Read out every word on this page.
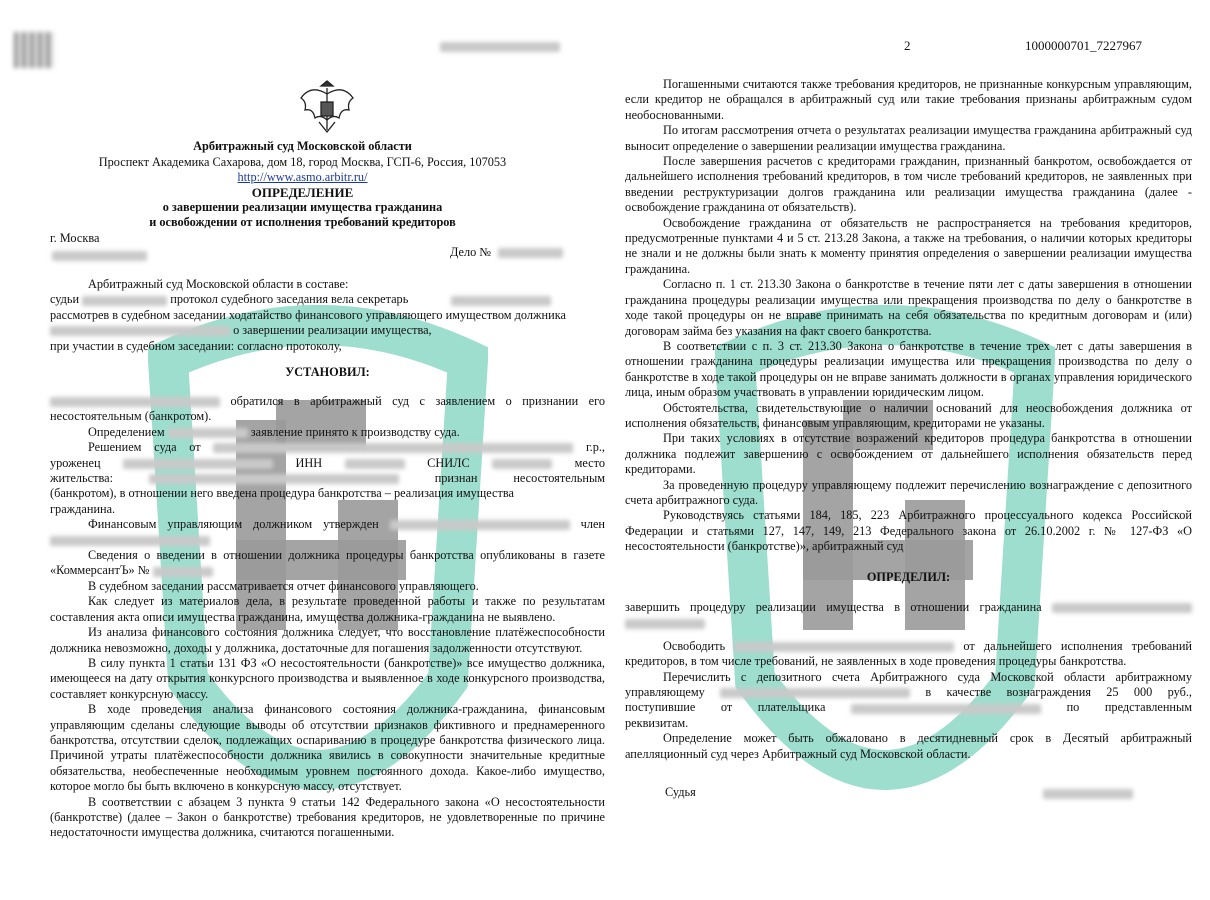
Арбитражный суд Московской области
Проспект Академика Сахарова, дом 18, город Москва, ГСП-6, Россия, 107053
http://www.asmo.arbitr.ru/
ОПРЕДЕЛЕНИЕ
о завершении реализации имущества гражданина
и освобождении от исполнения требований кредиторов
г. Москва
Дело №
Арбитражный суд Московской области в составе:
судьи	протокол судебного заседания вела секретарь
рассмотрев в судебном заседании ходатайство финансового управляющего имуществом должника
о завершении реализации имущества,
при участии в судебном заседании: согласно протоколу,
УСТАНОВИЛ:
обратился в арбитражный суд с заявлением о признании его
несостоятельным (банкротом).
Определением	заявление принято к производству суда.
Решением суда от	г.р.,
уроженец	ИНН	СНИЛС	место
жительства:	признан несостоятельным
(банкротом), в отношении него введена процедура банкротства – реализация имущества
гражданина.
Финансовым управляющим должником утвержден	член
Сведения о введении в отношении должника процедуры банкротства опубликованы в газете «КоммерсантЪ» №
В судебном заседании рассматривается отчет финансового управляющего.
Как следует из материалов дела, в результате проведенной работы и также по результатам составления акта описи имущества гражданина, имущества должника-гражданина не выявлено.
Из анализа финансового состояния должника следует, что восстановление платёжеспособности должника невозможно, доходы у должника, достаточные для погашения задолженности отсутствуют.
В силу пункта 1 статьи 131 ФЗ «О несостоятельности (банкротстве)» все имущество должника, имеющееся на дату открытия конкурсного производства и выявленное в ходе конкурсного производства, составляет конкурсную массу.
В ходе проведения анализа финансового состояния должника-гражданина, финансовым управляющим сделаны следующие выводы об отсутствии признаков фиктивного и преднамеренного банкротства, отсутствии сделок, подлежащих оспариванию в процедуре банкротства физического лица. Причиной утраты платёжеспособности должника явились в совокупности значительные кредитные обязательства, необеспеченные необходимым уровнем постоянного дохода. Какое-либо имущество, которое могло бы быть включено в конкурсную массу, отсутствует.
В соответствии с абзацем 3 пункта 9 статьи 142 Федерального закона «О несостоятельности (банкротстве) (далее – Закон о банкротстве) требования кредиторов, не удовлетворенные по причине недостаточности имущества должника, считаются погашенными.
2	1000000701_7227967
Погашенными считаются также требования кредиторов, не признанные конкурсным управляющим, если кредитор не обращался в арбитражный суд или такие требования признаны арбитражным судом необоснованными.
По итогам рассмотрения отчета о результатах реализации имущества гражданина арбитражный суд выносит определение о завершении реализации имущества гражданина.
После завершения расчетов с кредиторами гражданин, признанный банкротом, освобождается от дальнейшего исполнения требований кредиторов, в том числе требований кредиторов, не заявленных при введении реструктуризации долгов гражданина или реализации имущества гражданина (далее - освобождение гражданина от обязательств).
Освобождение гражданина от обязательств не распространяется на требования кредиторов, предусмотренные пунктами 4 и 5 ст. 213.28 Закона, а также на требования, о наличии которых кредиторы не знали и не должны были знать к моменту принятия определения о завершении реализации имущества гражданина.
Согласно п. 1 ст. 213.30 Закона о банкротстве в течение пяти лет с даты завершения в отношении гражданина процедуры реализации имущества или прекращения производства по делу о банкротстве в ходе такой процедуры он не вправе принимать на себя обязательства по кредитным договорам и (или) договорам займа без указания на факт своего банкротства.
В соответствии с п. 3 ст. 213.30 Закона о банкротстве в течение трех лет с даты завершения в отношении гражданина процедуры реализации имущества или прекращения производства по делу о банкротстве в ходе такой процедуры он не вправе занимать должности в органах управления юридического лица, иным образом участвовать в управлении юридическим лицом.
Обстоятельства, свидетельствующие о наличии оснований для неосвобождения должника от исполнения обязательств, финансовым управляющим, кредиторами не указаны.
При таких условиях в отсутствие возражений кредиторов процедура банкротства в отношении должника подлежит завершению с освобождением от дальнейшего исполнения обязательств перед кредиторами.
За проведенную процедуру управляющему подлежит перечислению вознаграждение с депозитного счета арбитражного суда.
Руководствуясь статьями 184, 185, 223 Арбитражного процессуального кодекса Российской Федерации и статьями 127, 147, 149, 213 Федерального закона от 26.10.2002 г. № 127-ФЗ «О несостоятельности (банкротстве)», арбитражный суд
ОПРЕДЕЛИЛ:
завершить процедуру реализации имущества в отношении гражданина
Освободить	от дальнейшего исполнения требований
кредиторов, в том числе требований, не заявленных в ходе проведения процедуры банкротства.
Перечислить с депозитного счета Арбитражного суда Московской области арбитражному
управляющему	в качестве вознаграждения 25 000 руб.,
поступившие от плательщика	по представленным
реквизитам.
Определение может быть обжаловано в десятидневный срок в Десятый арбитражный апелляционный суд через Арбитражный суд Московской области.
Судья
